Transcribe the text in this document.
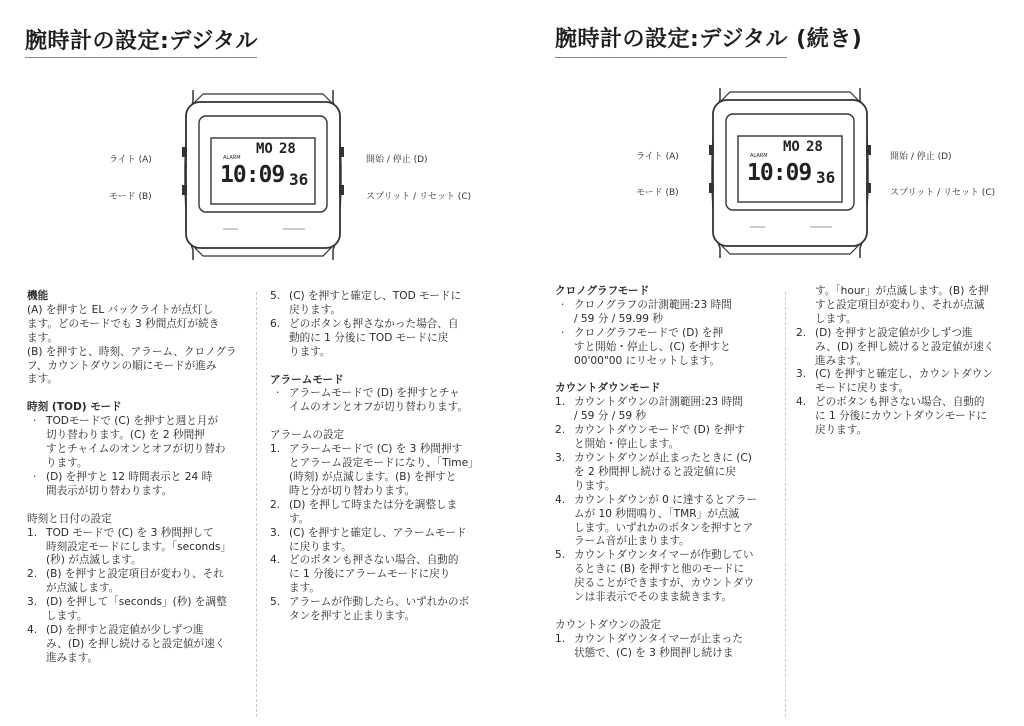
腕時計の設定:デジタル	腕時計の設定:デジタル (続き)
MO 28
ALARM
10:09 36
ライト (A)
モード (B)
開始 / 停止 (D)
スプリット / リセット (C)
MO 28
ALARM
10:09 36
ライト (A)
モード (B)
開始 / 停止 (D)
スプリット / リセット (C)
機能
(A) を押すと EL バックライトが点灯し
ます。どのモードでも 3 秒間点灯が続き
ます。
(B) を押すと、時刻、アラーム、クロノグラ
フ、カウントダウンの順にモードが進み
ます。
時刻 (TOD) モード
· TODモードで (C) を押すと週と月が
切り替わります。(C) を 2 秒間押
すとチャイムのオンとオフが切り替わ
ります。
· (D) を押すと 12 時間表示と 24 時
間表示が切り替わります。
時刻と日付の設定
1. TOD モードで (C) を 3 秒間押して
時刻設定モードにします。「seconds」
(秒) が点滅します。
2. (B) を押すと設定項目が変わり、それ
が点滅します。
3. (D) を押して「seconds」(秒) を調整
します。
4. (D) を押すと設定値が少しずつ進
み、(D) を押し続けると設定値が速く
進みます。
5. (C) を押すと確定し、TOD モードに
戻ります。
6. どのボタンも押さなかった場合、自
動的に 1 分後に TOD モードに戻
ります。
アラームモード
· アラームモードで (D) を押すとチャ
イムのオンとオフが切り替わります。
アラームの設定
1. アラームモードで (C) を 3 秒間押す
とアラーム設定モードになり、「Time」
(時刻) が点滅します。(B) を押すと
時と分が切り替わります。
2. (D) を押して時または分を調整しま
す。
3. (C) を押すと確定し、アラームモード
に戻ります。
4. どのボタンも押さない場合、自動的
に 1 分後にアラームモードに戻り
ます。
5. アラームが作動したら、いずれかのボ
タンを押すと止まります。
クロノグラフモード
· クロノグラフの計測範囲:23 時間
/ 59 分 / 59.99 秒
· クロノグラフモードで (D) を押
すと開始・停止し、(C) を押すと
00'00"00 にリセットします。
カウントダウンモード
1. カウントダウンの計測範囲:23 時間
/ 59 分 / 59 秒
2. カウントダウンモードで (D) を押す
と開始・停止します。
3. カウントダウンが止まったときに (C)
を 2 秒間押し続けると設定値に戻
ります。
4. カウントダウンが 0 に達するとアラー
ムが 10 秒間鳴り、「TMR」が点滅
します。いずれかのボタンを押すとア
ラーム音が止まります。
5. カウントダウンタイマーが作動してい
るときに (B) を押すと他のモードに
戻ることができますが、カウントダウ
ンは非表示でそのまま続きます。
カウントダウンの設定
1. カウントダウンタイマーが止まった
状態で、(C) を 3 秒間押し続けま
す。「hour」が点滅します。(B) を押
すと設定項目が変わり、それが点滅
します。
2. (D) を押すと設定値が少しずつ進
み、(D) を押し続けると設定値が速く
進みます。
3. (C) を押すと確定し、カウントダウン
モードに戻ります。
4. どのボタンも押さない場合、自動的
に 1 分後にカウントダウンモードに
戻ります。
